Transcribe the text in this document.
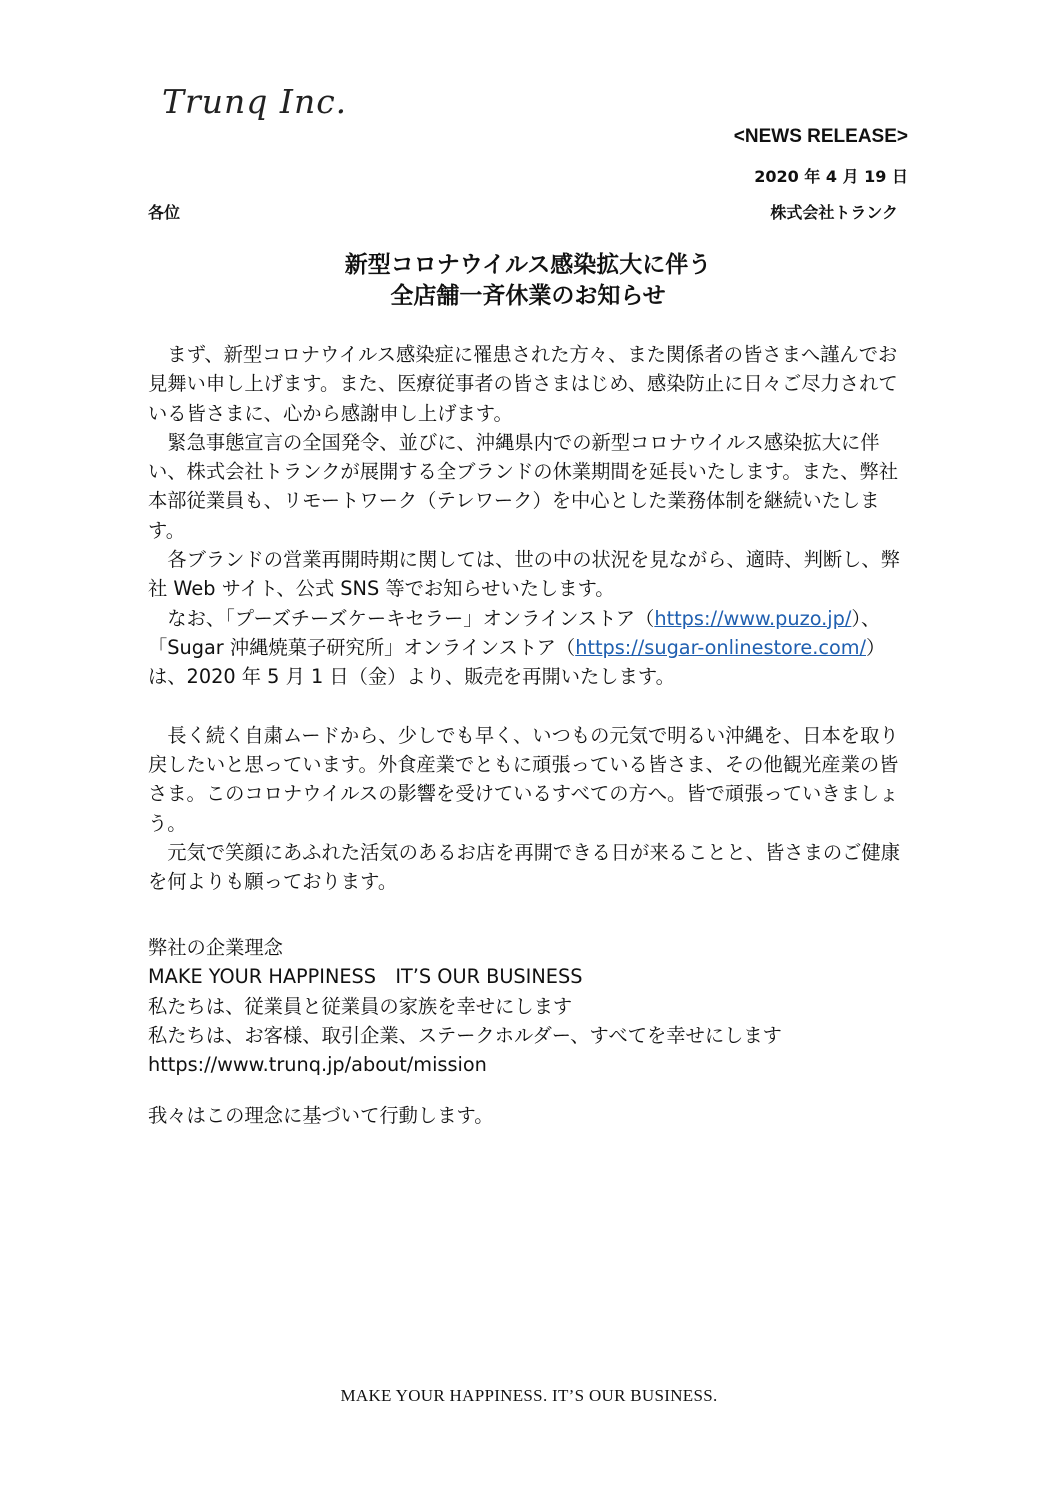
Trunq Inc.
<NEWS RELEASE>
2020 年 4 月 19 日
各位	株式会社トランク
新型コロナウイルス感染拡大に伴う
全店舗一斉休業のお知らせ

まず、新型コロナウイルス感染症に罹患された方々、また関係者の皆さまへ謹んでお見舞い申し上げます。また、医療従事者の皆さまはじめ、感染防止に日々ご尽力されている皆さまに、心から感謝申し上げます。

緊急事態宣言の全国発令、並びに、沖縄県内での新型コロナウイルス感染拡大に伴い、株式会社トランクが展開する全ブランドの休業期間を延長いたします。また、弊社本部従業員も、リモートワーク（テレワーク）を中心とした業務体制を継続いたします。

各ブランドの営業再開時期に関しては、世の中の状況を見ながら、適時、判断し、弊社 Web サイト、公式 SNS 等でお知らせいたします。

なお、「プーズチーズケーキセラー」オンラインストア（https://www.puzo.jp/）、「Sugar 沖縄焼菓子研究所」オンラインストア（https://sugar-onlinestore.com/）は、2020 年 5 月 1 日（金）より、販売を再開いたします。

長く続く自粛ムードから、少しでも早く、いつもの元気で明るい沖縄を、日本を取り戻したいと思っています。外食産業でともに頑張っている皆さま、その他観光産業の皆さま。このコロナウイルスの影響を受けているすべての方へ。皆で頑張っていきましょう。

元気で笑顔にあふれた活気のあるお店を再開できる日が来ることと、皆さまのご健康を何よりも願っております。

弊社の企業理念
MAKE YOUR HAPPINESS　IT’S OUR BUSINESS
私たちは、従業員と従業員の家族を幸せにします
私たちは、お客様、取引企業、ステークホルダー、すべてを幸せにします
https://www.trunq.jp/about/mission
我々はこの理念に基づいて行動します。
MAKE YOUR HAPPINESS. IT’S OUR BUSINESS.
